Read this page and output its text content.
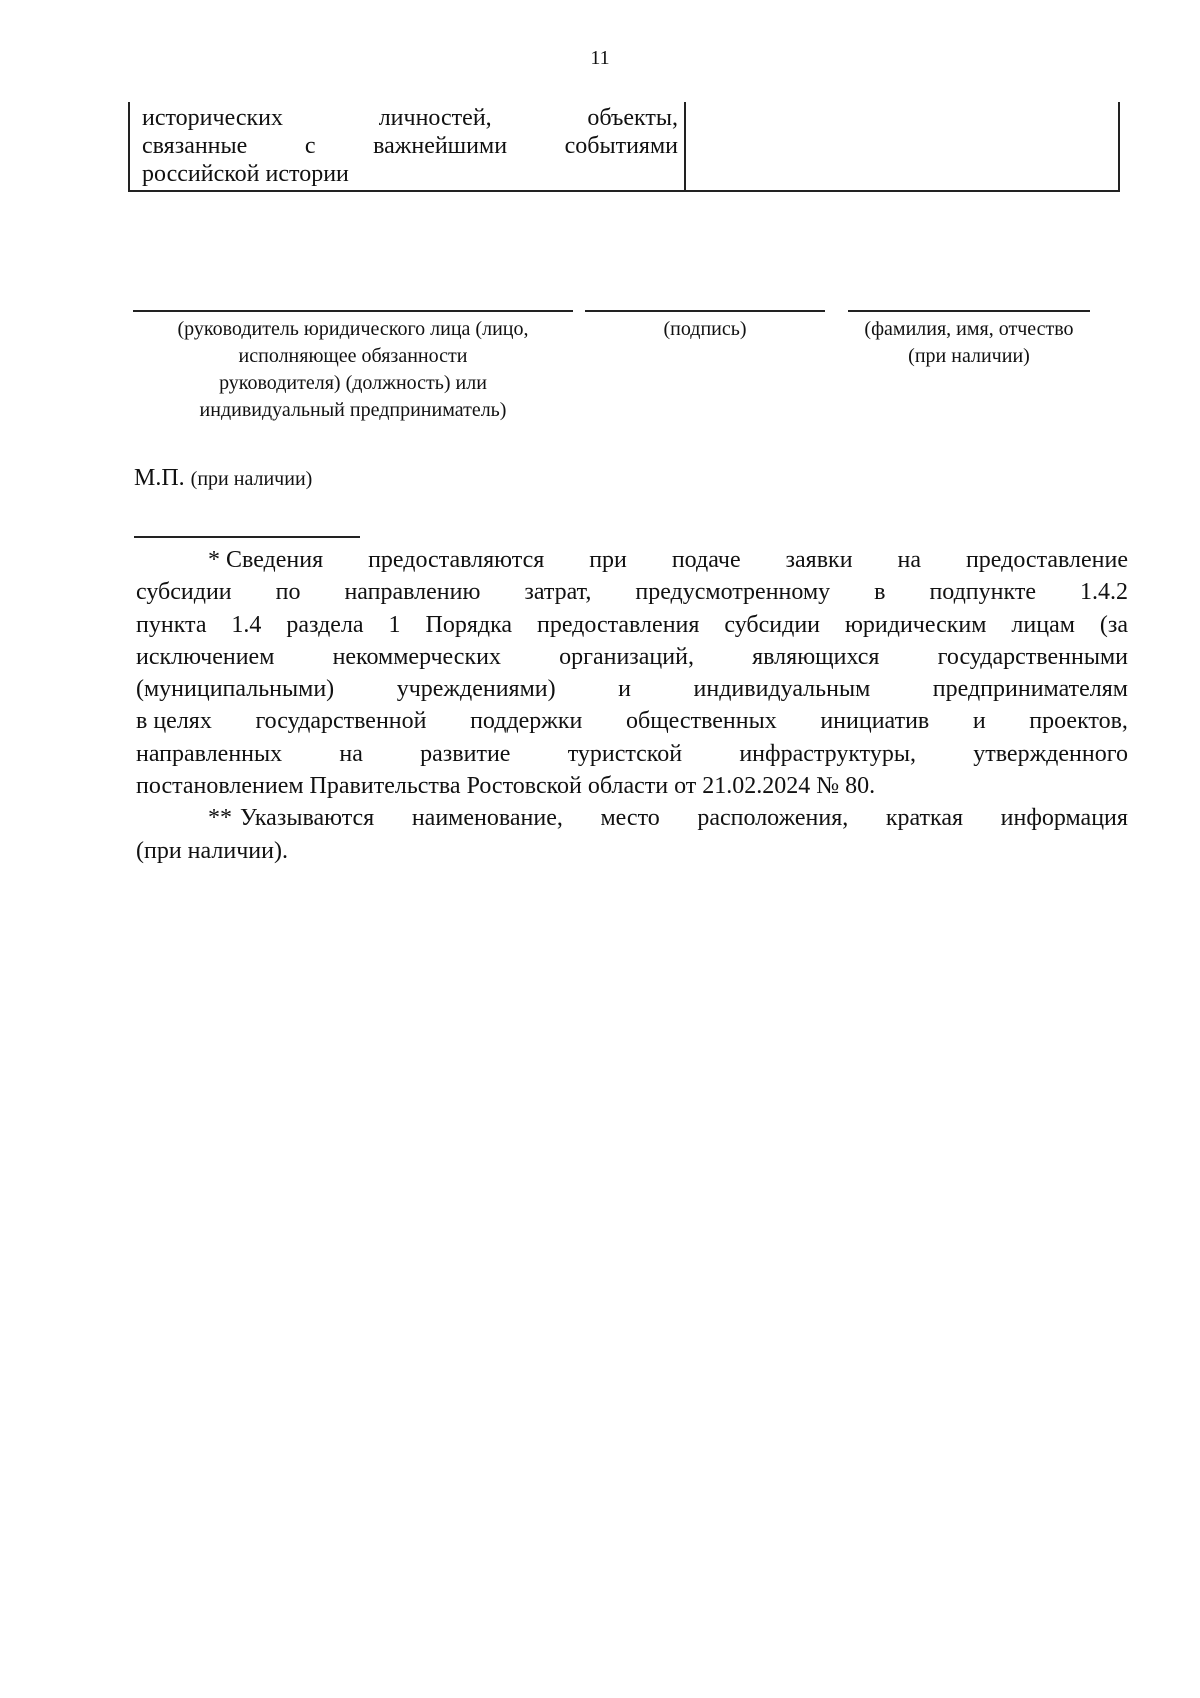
11
исторических	личностей,	объекты,
связанные с важнейшими событиями
российской истории
(руководитель юридического лица (лицо,
исполняющее обязанности
руководителя) (должность) или
индивидуальный предприниматель)
(подпись)	(фамилия, имя, отчество
(при наличии)
М.П. (при наличии)
* Сведения предоставляются при подаче заявки на предоставление
субсидии по направлению затрат, предусмотренному в подпункте 1.4.2
пункта 1.4 раздела 1 Порядка предоставления субсидии юридическим лицам (за
исключением некоммерческих организаций, являющихся государственными
(муниципальными)	учреждениями)	и	индивидуальным	предпринимателям
в целях государственной поддержки общественных инициатив и проектов,
направленных на развитие туристской инфраструктуры, утвержденного
постановлением Правительства Ростовской области от 21.02.2024 № 80.
** Указываются наименование, место расположения, краткая информация
(при наличии).
